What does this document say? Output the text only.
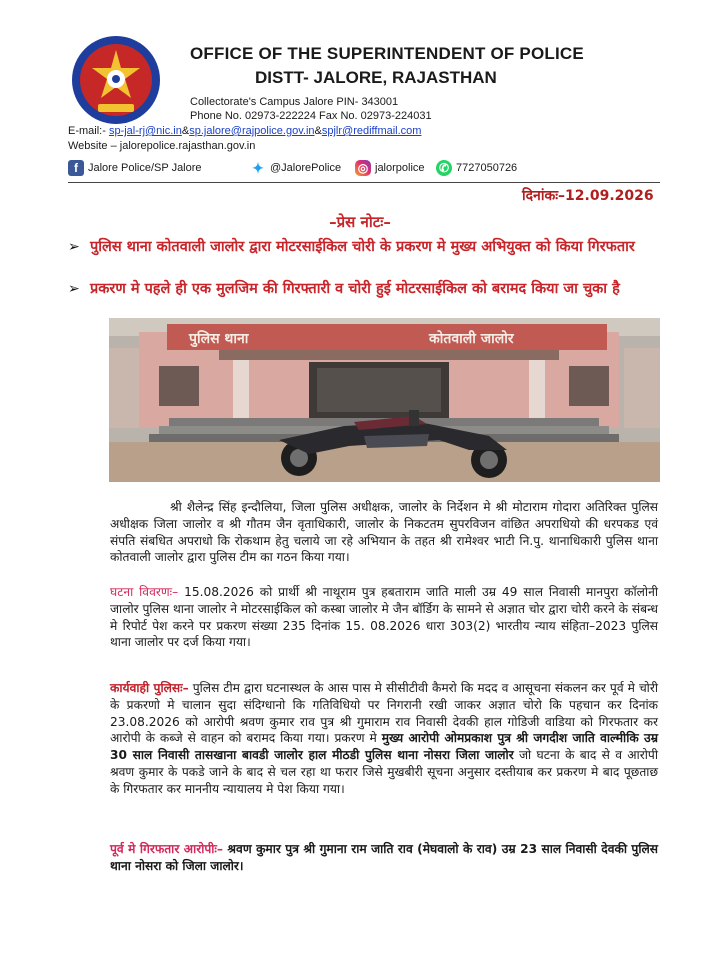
OFFICE OF THE SUPERINTENDENT OF POLICE
DISTT- JALORE, RAJASTHAN
Collectorate's Campus Jalore PIN- 343001
Phone No. 02973-222224 Fax No. 02973-224031
E-mail:- sp-jal-rj@nic.in&sp.jalore@rajpolice.gov.in&spjlr@rediffmail.com
Website – jalorepolice.rajasthan.gov.in
f Jalore Police/SP Jalore	✦ @JalorePolice ◎ jalorpolice ✆ 7727050726
दिनांकः–12.09.2026
–प्रेस नोटः–
➢ पुलिस थाना कोतवाली जालोर द्वारा मोटरसाईकिल चोरी के प्रकरण मे मुख्य अभियुक्त को किया गिरफतार
➢ प्रकरण मे पहले ही एक मुलजिम की गिरफ्तारी व चोरी हुई मोटरसाईकिल को बरामद किया जा चुका है
पुलिस थाना	कोतवाली जालोर
श्री शैलेन्द्र सिंह इन्दौलिया, जिला पुलिस अधीक्षक, जालोर के निर्देशन मे श्री मोटाराम गोदारा अतिरिक्त पुलिस अधीक्षक जिला जालोर व श्री गौतम जैन वृताधिकारी, जालोर के निकटतम सुपरविजन वांछित अपराधियो की धरपकड एवं संपति संबधित अपराधो कि रोकथाम हेतु चलाये जा रहे अभियान के तहत श्री रामेश्वर भाटी नि.पु. थानाधिकारी पुलिस थाना कोतवाली जालोर द्वारा पुलिस टीम का गठन किया गया।
घटना विवरणः– 15.08.2026 को प्रार्थी श्री नाथूराम पुत्र हबताराम जाति माली उम्र 49 साल निवासी मानपुरा कॉलोनी जालोर पुलिस थाना जालोर ने मोटरसाईकिल को कस्बा जालोर मे जैन बॉर्डिग के सामने से अज्ञात चोर द्वारा चोरी करने के संबन्ध मे रिपोर्ट पेश करने पर प्रकरण संख्या 235 दिनांक 15. 08.2026 धारा 303(2) भारतीय न्याय संहिता–2023 पुलिस थाना जालोर पर दर्ज किया गया।
कार्यवाही पुलिसः– पुलिस टीम द्वारा घटनास्थल के आस पास मे सीसीटीवी कैमरो कि मदद व आसूचना संकलन कर पूर्व मे चोरी के प्रकरणो मे चालान सुदा संदिग्धानो कि गतिविधियो पर निगरानी रखी जाकर अज्ञात चोरो कि पहचान कर दिनांक 23.08.2026 को आरोपी श्रवण कुमार राव पुत्र श्री गुमाराम राव निवासी देवकी हाल गोडिजी वाडिया को गिरफतार कर आरोपी के कब्जे से वाहन को बरामद किया गया। प्रकरण मे मुख्य आरोपी ओमप्रकाश पुत्र श्री जगदीश जाति वाल्मीकि उम्र 30 साल निवासी तासखाना बावडी जालोर हाल मीठडी पुलिस थाना नोसरा जिला जालोर जो घटना के बाद से व आरोपी श्रवण कुमार के पकडे जाने के बाद से चल रहा था फरार जिसे मुखबीरी सूचना अनुसार दस्तीयाब कर प्रकरण मे बाद पूछताछ के गिरफतार कर माननीय न्यायालय मे पेश किया गया।
पूर्व मे गिरफतार आरोपीः– श्रवण कुमार पुत्र श्री गुमाना राम जाति राव (मेघवालो के राव) उम्र 23 साल निवासी देवकी पुलिस थाना नोसरा को जिला जालोर।
